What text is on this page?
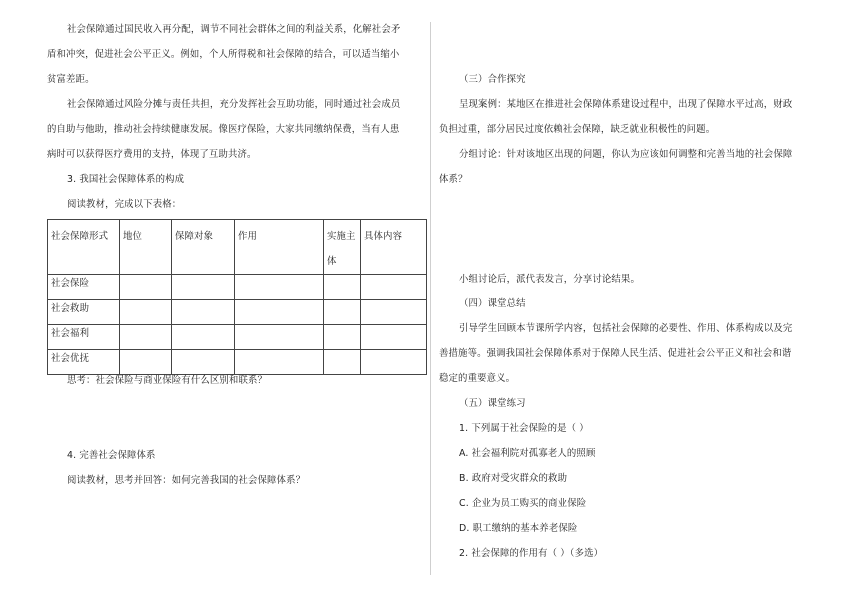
社会保障通过国民收入再分配，调节不同社会群体之间的利益关系，化解社会矛
盾和冲突，促进社会公平正义。例如，个人所得税和社会保障的结合，可以适当缩小
贫富差距。
社会保障通过风险分摊与责任共担，充分发挥社会互助功能，同时通过社会成员
的自助与他助，推动社会持续健康发展。像医疗保险，大家共同缴纳保费，当有人患
病时可以获得医疗费用的支持，体现了互助共济。
3. 我国社会保障体系的构成
阅读教材，完成以下表格：
社会保障形式	地位	保障对象	作用	实施主体	具体内容
社会保险					
社会救助					
社会福利					
社会优抚					
思考：社会保险与商业保险有什么区别和联系？
4. 完善社会保障体系
阅读教材，思考并回答：如何完善我国的社会保障体系？
（三）合作探究
呈现案例：某地区在推进社会保障体系建设过程中，出现了保障水平过高，财政
负担过重，部分居民过度依赖社会保障，缺乏就业积极性的问题。
分组讨论：针对该地区出现的问题，你认为应该如何调整和完善当地的社会保障
体系？
小组讨论后，派代表发言，分享讨论结果。
（四）课堂总结
引导学生回顾本节课所学内容，包括社会保障的必要性、作用、体系构成以及完
善措施等。强调我国社会保障体系对于保障人民生活、促进社会公平正义和社会和谐
稳定的重要意义。
（五）课堂练习
1. 下列属于社会保险的是（ ）
A. 社会福利院对孤寡老人的照顾
B. 政府对受灾群众的救助
C. 企业为员工购买的商业保险
D. 职工缴纳的基本养老保险
2. 社会保障的作用有（ ）（多选）
